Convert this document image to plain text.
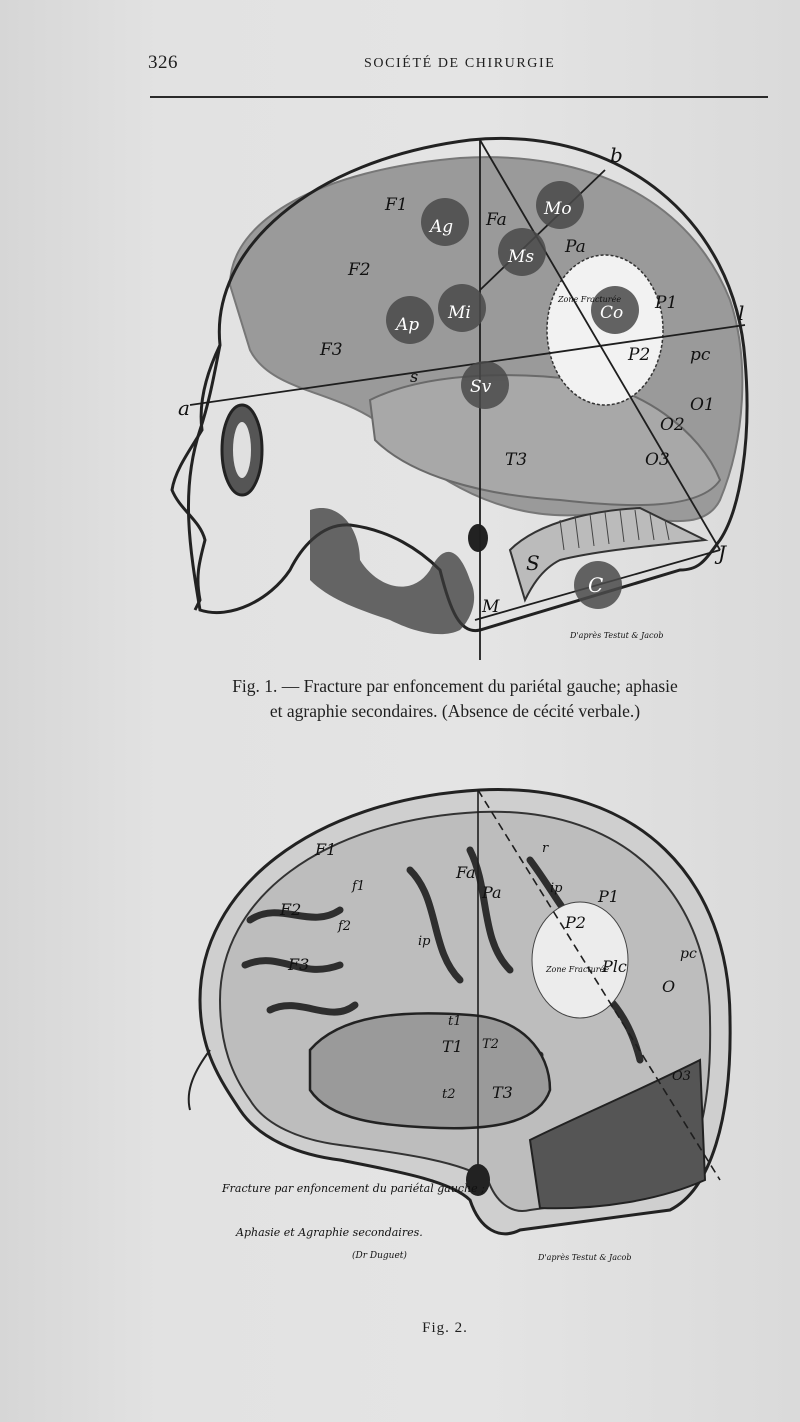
326	SOCIÉTÉ DE CHIRURGIE
F1
F2
F3
Fa
Ag
Ap
Mi
Ms
Mo
Pa
Co P1
P2 pc
O1
O2
O3
T3
Sv
S
C
M
a
b
l
J
s
Zone Fracturée
D'après Testut & Jacob
Fig. 1. — Fracture par enfoncement du pariétal gauche; aphasie
et agraphie secondaires. (Absence de cécité verbale.)
F1
f1
F2
f2
F3
Fa
Pa
r
ip
ip
P1
P2
Plc
pc
O
O3
t1
T1 T2
t2 T3
Zone Fracturée
Fracture par enfoncement du pariétal gauche ;
Aphasie et Agraphie secondaires.
(Dr Duguet)	D'après Testut & Jacob
Fig. 2.
